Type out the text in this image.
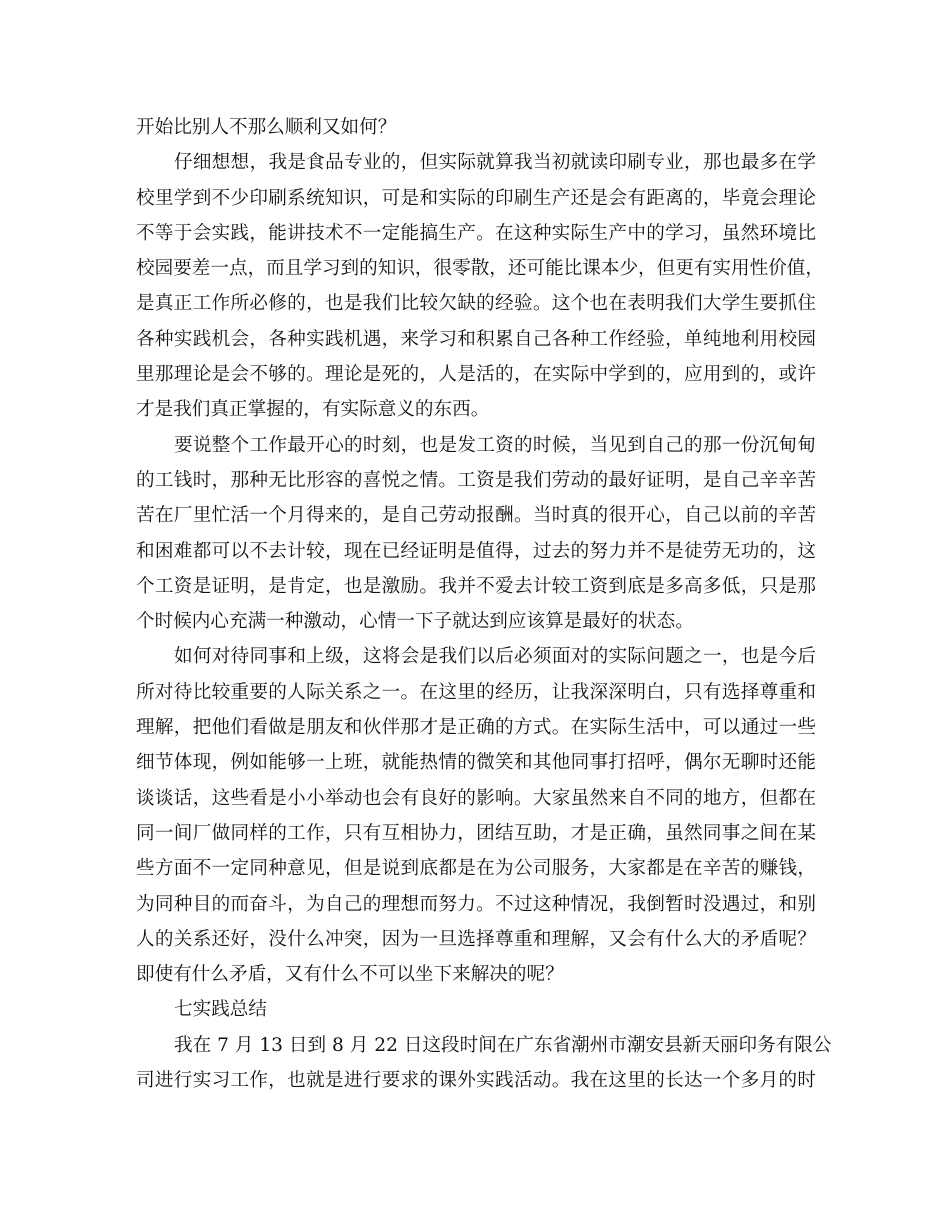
开始比别人不那么顺利又如何？
仔细想想，我是食品专业的，但实际就算我当初就读印刷专业，那也最多在学
校里学到不少印刷系统知识，可是和实际的印刷生产还是会有距离的，毕竟会理论
不等于会实践，能讲技术不一定能搞生产。在这种实际生产中的学习，虽然环境比
校园要差一点，而且学习到的知识，很零散，还可能比课本少，但更有实用性价值，
是真正工作所必修的，也是我们比较欠缺的经验。这个也在表明我们大学生要抓住
各种实践机会，各种实践机遇，来学习和积累自己各种工作经验，单纯地利用校园
里那理论是会不够的。理论是死的，人是活的，在实际中学到的，应用到的，或许
才是我们真正掌握的，有实际意义的东西。
要说整个工作最开心的时刻，也是发工资的时候，当见到自己的那一份沉甸甸
的工钱时，那种无比形容的喜悦之情。工资是我们劳动的最好证明，是自己辛辛苦
苦在厂里忙活一个月得来的，是自己劳动报酬。当时真的很开心，自己以前的辛苦
和困难都可以不去计较，现在已经证明是值得，过去的努力并不是徒劳无功的，这
个工资是证明，是肯定，也是激励。我并不爱去计较工资到底是多高多低，只是那
个时候内心充满一种激动，心情一下子就达到应该算是最好的状态。
如何对待同事和上级，这将会是我们以后必须面对的实际问题之一，也是今后
所对待比较重要的人际关系之一。在这里的经历，让我深深明白，只有选择尊重和
理解，把他们看做是朋友和伙伴那才是正确的方式。在实际生活中，可以通过一些
细节体现，例如能够一上班，就能热情的微笑和其他同事打招呼，偶尔无聊时还能
谈谈话，这些看是小小举动也会有良好的影响。大家虽然来自不同的地方，但都在
同一间厂做同样的工作，只有互相协力，团结互助，才是正确，虽然同事之间在某
些方面不一定同种意见，但是说到底都是在为公司服务，大家都是在辛苦的赚钱，
为同种目的而奋斗，为自己的理想而努力。不过这种情况，我倒暂时没遇过，和别
人的关系还好，没什么冲突，因为一旦选择尊重和理解，又会有什么大的矛盾呢？
即使有什么矛盾，又有什么不可以坐下来解决的呢？
七实践总结
我在 7 月 13 日到 8 月 22 日这段时间在广东省潮州市潮安县新天丽印务有限公
司进行实习工作，也就是进行要求的课外实践活动。我在这里的长达一个多月的时
